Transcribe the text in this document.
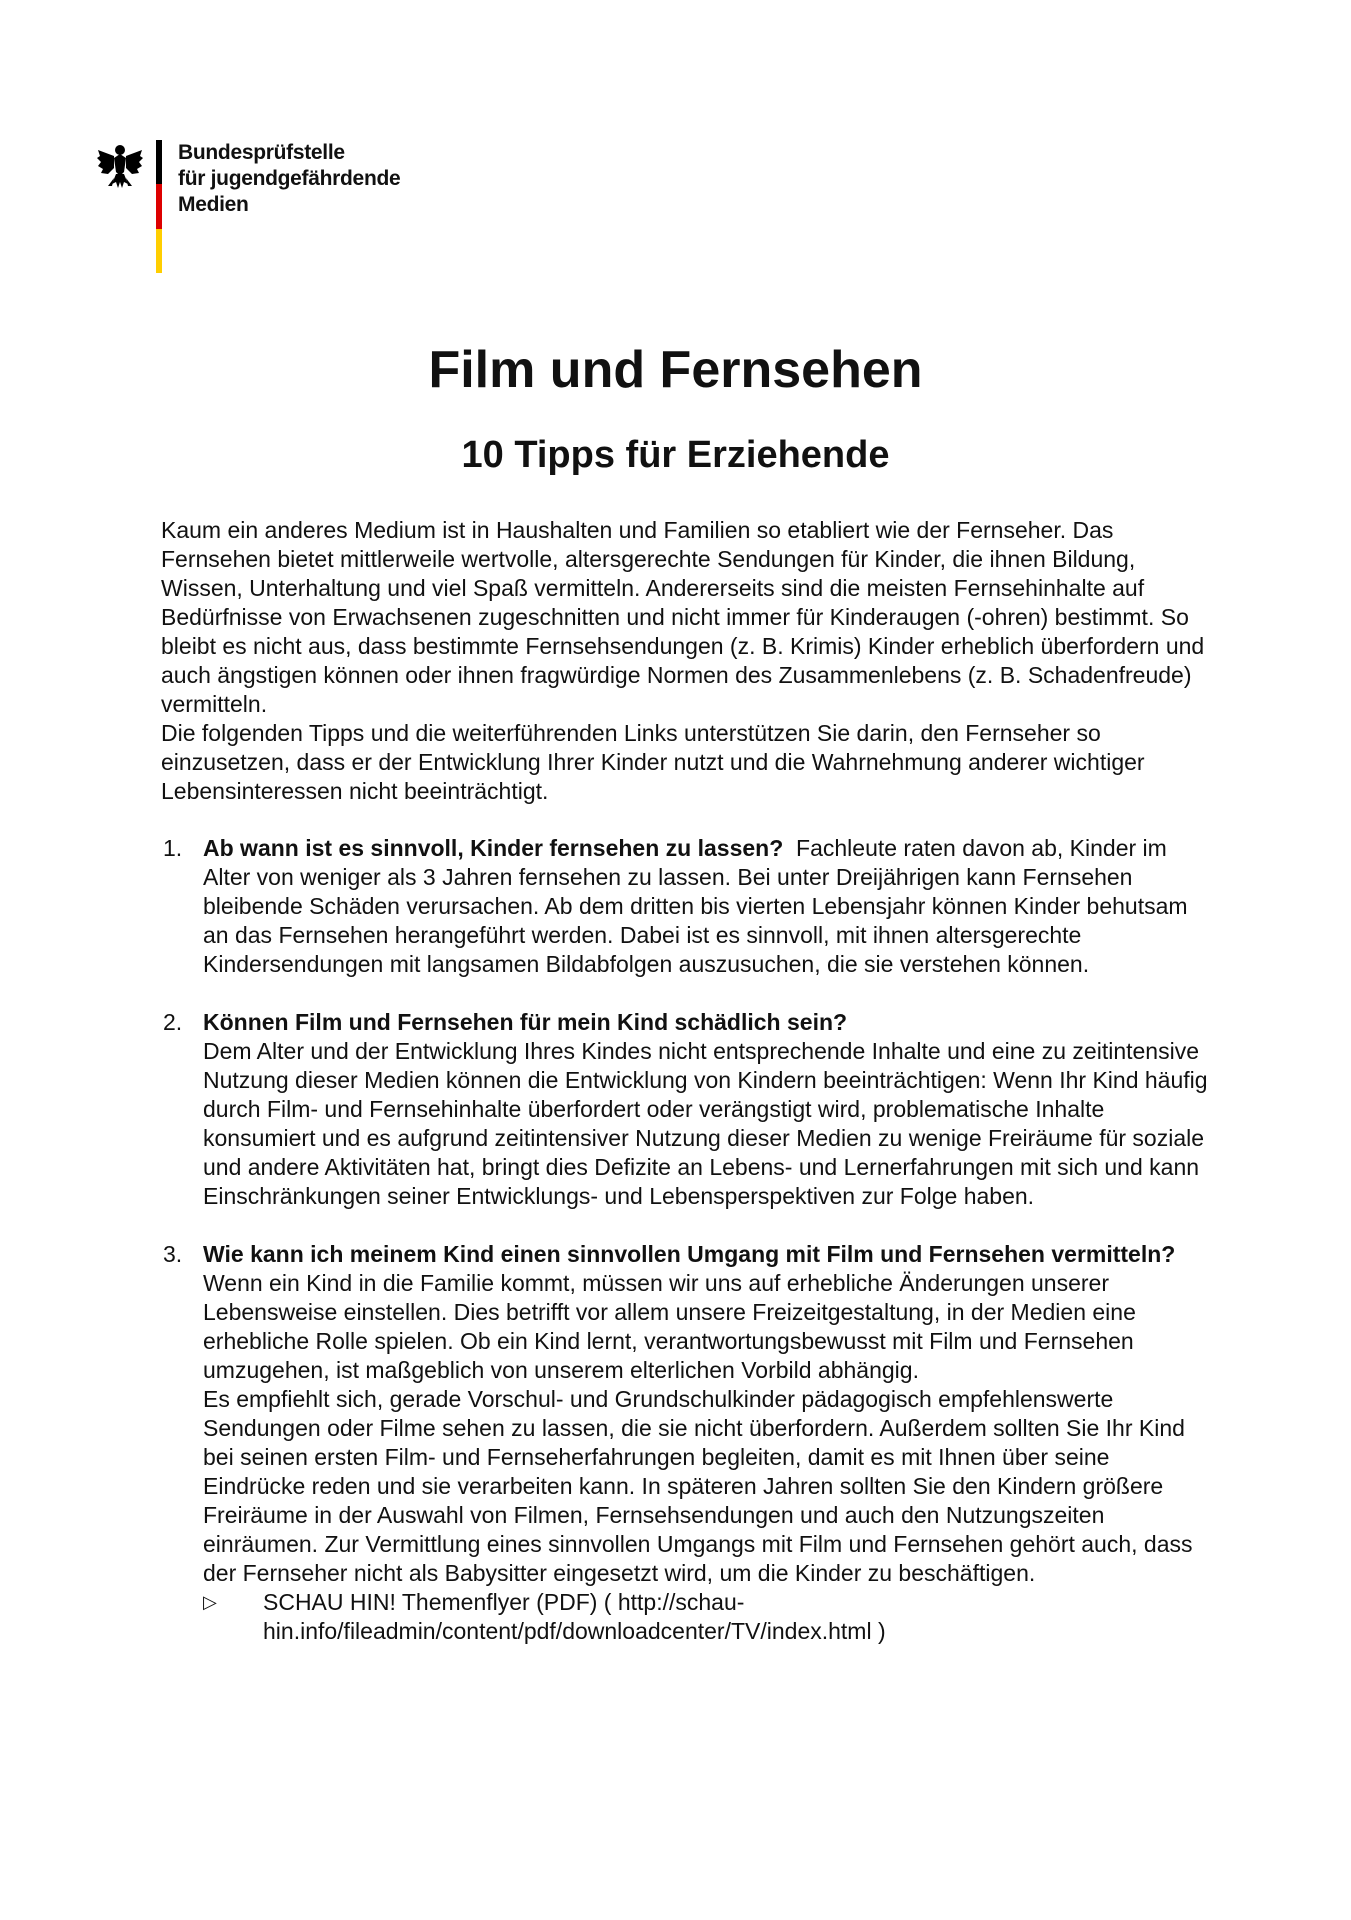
Bundesprüfstelle
für jugendgefährdende
Medien
Film und Fernsehen
10 Tipps für Erziehende

Kaum ein anderes Medium ist in Haushalten und Familien so etabliert wie der Fernseher. Das Fernsehen bietet mittlerweile wertvolle, altersgerechte Sendungen für Kinder, die ihnen Bildung, Wissen, Unterhaltung und viel Spaß vermitteln. Andererseits sind die meisten Fernsehinhalte auf Bedürfnisse von Erwachsenen zugeschnitten und nicht immer für Kinderaugen (-ohren) bestimmt. So bleibt es nicht aus, dass bestimmte Fernsehsendungen (z. B. Krimis) Kinder erheblich überfordern und auch ängstigen können oder ihnen fragwürdige Normen des Zusammenlebens (z. B. Schadenfreude) vermitteln.

Die folgenden Tipps und die weiterführenden Links unterstützen Sie darin, den Fernseher so einzusetzen, dass er der Entwicklung Ihrer Kinder nutzt und die Wahrnehmung anderer wichtiger Lebensinteressen nicht beeinträchtigt.

1. Ab wann ist es sinnvoll, Kinder fernsehen zu lassen? Fachleute raten davon ab, Kinder im Alter von weniger als 3 Jahren fernsehen zu lassen. Bei unter Dreijährigen kann Fernsehen bleibende Schäden verursachen. Ab dem dritten bis vierten Lebensjahr können Kinder behutsam an das Fernsehen herangeführt werden. Dabei ist es sinnvoll, mit ihnen altersgerechte Kindersendungen mit langsamen Bildabfolgen auszusuchen, die sie verstehen können.

2. Können Film und Fernsehen für mein Kind schädlich sein?

Dem Alter und der Entwicklung Ihres Kindes nicht entsprechende Inhalte und eine zu zeitintensive Nutzung dieser Medien können die Entwicklung von Kindern beeinträchtigen: Wenn Ihr Kind häufig durch Film- und Fernsehinhalte überfordert oder verängstigt wird, problematische Inhalte konsumiert und es aufgrund zeitintensiver Nutzung dieser Medien zu wenige Freiräume für soziale und andere Aktivitäten hat, bringt dies Defizite an Lebens- und Lernerfahrungen mit sich und kann Einschränkungen seiner Entwicklungs- und Lebensperspektiven zur Folge haben.

3. Wie kann ich meinem Kind einen sinnvollen Umgang mit Film und Fernsehen vermitteln?

Wenn ein Kind in die Familie kommt, müssen wir uns auf erhebliche Änderungen unserer Lebensweise einstellen. Dies betrifft vor allem unsere Freizeitgestaltung, in der Medien eine erhebliche Rolle spielen. Ob ein Kind lernt, verantwortungsbewusst mit Film und Fernsehen umzugehen, ist maßgeblich von unserem elterlichen Vorbild abhängig.

Es empfiehlt sich, gerade Vorschul- und Grundschulkinder pädagogisch empfehlenswerte Sendungen oder Filme sehen zu lassen, die sie nicht überfordern. Außerdem sollten Sie Ihr Kind bei seinen ersten Film- und Fernseherfahrungen begleiten, damit es mit Ihnen über seine Eindrücke reden und sie verarbeiten kann. In späteren Jahren sollten Sie den Kindern größere Freiräume in der Auswahl von Filmen, Fernsehsendungen und auch den Nutzungszeiten einräumen. Zur Vermittlung eines sinnvollen Umgangs mit Film und Fernsehen gehört auch, dass der Fernseher nicht als Babysitter eingesetzt wird, um die Kinder zu beschäftigen.

▷ SCHAU HIN! Themenflyer (PDF) ( http://schau-hin.info/fileadmin/content/pdf/downloadcenter/TV/index.html )
